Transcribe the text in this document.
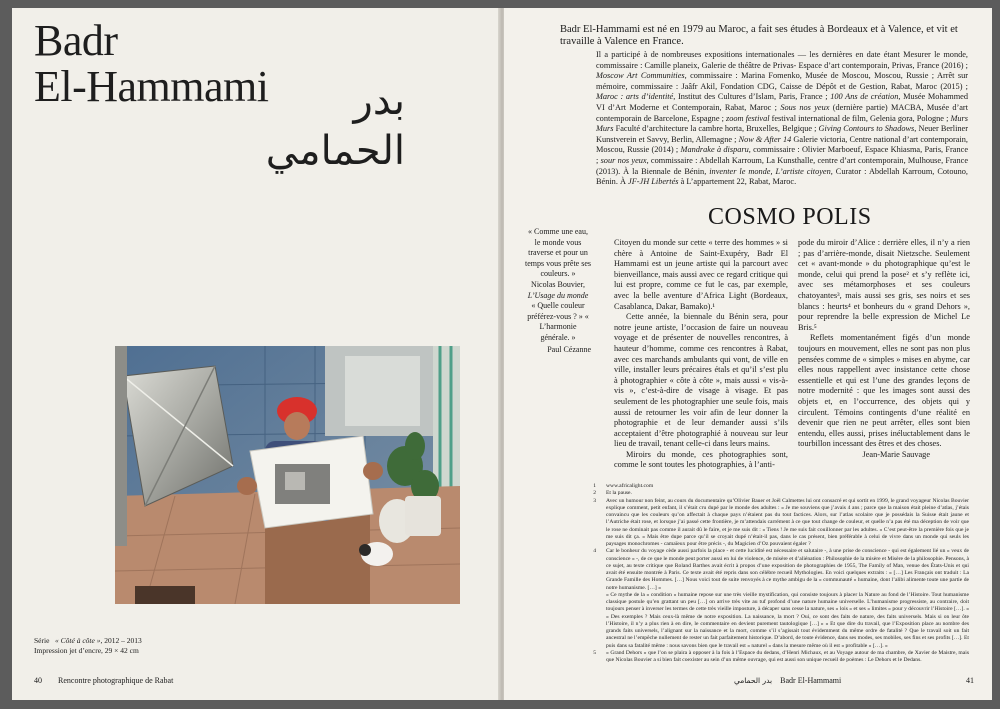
Badr
El-Hammami	بدر الحمامي
Série « Côté à côte », 2012 – 2013
Impression jet d’encre, 29 × 42 cm
40 Rencontre photographique de Rabat
Badr El-Hammami est né en 1979 au Maroc, a fait ses études à Bordeaux et à Valence, et vit et travaille à Valence en France.
Il a participé à de nombreuses expositions internationales — les dernières en date étant Mesurer le monde, commissaire : Camille planeix, Galerie de théâtre de Privas- Espace d’art contemporain, Privas, France (2016) ; Moscow Art Communities, commissaire : Marina Fomenko, Musée de Moscou, Moscou, Russie ; Arrêt sur mémoire, commissaire : Jaâfr Akil, Fondation CDG, Caisse de Dépôt et de Gestion, Rabat, Maroc (2015) ; Maroc : arts d’identité, Institut des Cultures d’Islam, Paris, France ; 100 Ans de création, Musée Mohammed VI d’Art Moderne et Contemporain, Rabat, Maroc ; Sous nos yeux (dernière partie) MACBA, Musée d’art contemporain de Barcelone, Espagne ; zoom festival festival international de film, Gelenia gora, Pologne ; Murs Murs Faculté d’architecture la cambre horta, Bruxelles, Belgique ; Giving Contours to Shadows, Neuer Berliner Kunstverein et Savvy, Berlin, Allemagne ; Now & After 14 Galerie victoria, Centre national d’art contemporain, Moscou, Russie (2014) ; Mandrake à disparu, commissaire : Olivier Marboeuf, Espace Khiasma, Paris, France ; sour nos yeux, commissaire : Abdellah Karroum, La Kunsthalle, centre d’art contemporain, Mulhouse, France (2013). À la Biennale de Bénin, inventer le monde, L’artiste citoyen, Curator : Abdellah Karroum, Cotouno, Bénin. À JF-JH Libertés à L’appartement 22, Rabat, Maroc.
COSMO POLIS

Citoyen du monde sur cette « terre des hommes » si chère à Antoine de Saint-Exupéry, Badr El Hammami est un jeune artiste qui la parcourt avec bienveillance, mais aussi avec ce regard critique qui lui est propre, comme ce fut le cas, par exemple, avec la belle aventure d’Africa Light (Bordeaux, Casablanca, Dakar, Bamako).¹

Cette année, la biennale du Bénin sera, pour notre jeune artiste, l’occasion de faire un nouveau voyage et de présenter de nouvelles rencontres, à hauteur d’homme, comme ces rencontres à Rabat, avec ces marchands ambulants qui vont, de ville en ville, installer leurs précaires étals et qu’il s’est plu à photographier « côte à côte », mais aussi « vis-à-vis », c’est-à-dire de visage à visage. Et pas seulement de les photographier une seule fois, mais aussi de retourner les voir afin de leur donner la photographie et de leur demander aussi s’ils acceptaient d’être photographié à nouveau sur leur lieu de travail, tenant celle-ci dans leurs mains.

Miroirs du monde, ces photographies sont, comme le sont toutes les photographies, à l’anti-

pode du miroir d’Alice : derrière elles, il n’y a rien ; pas d’arrière-monde, disait Nietzsche. Seulement cet « avant-monde » du photographique qu’est le monde, celui qui prend la pose² et s’y reflète ici, avec ses métamorphoses et ses couleurs chatoyantes³, mais aussi ses gris, ses noirs et ses blancs : heurts⁴ et bonheurs du « grand Dehors », pour reprendre la belle expression de Michel Le Bris.⁵

Reflets momentanément figés d’un monde toujours en mouvement, elles ne sont pas non plus pensées comme de « simples » mises en abyme, car elles nous rappellent avec insistance cette chose essentielle et qui est l’une des grandes leçons de notre modernité : que les images sont aussi des objets et, en l’occurrence, des objets qui y circulent. Témoins contingents d’une réalité en devenir que rien ne peut arrêter, elles sont bien entendu, elles aussi, prises inéluctablement dans le tourbillon incessant des êtres et des choses.

Jean-Marie Sauvage

1 www.africalight.com
2 Et la pause.
3 Avec un humour non feint, au cours du documentaire qu’Olivier Bauer et Joël Calmettes lui ont consacré et qui sortit en 1999, le grand voyageur Nicolas Bouvier explique comment, petit enfant, il s’était cru dupé par le monde des adultes : « Je me souviens que j’avais 4 ans ; parce que la maison était pleine d’atlas, j’étais convaincu que les couleurs qu’on affectait à chaque pays n’étaient pas du tout factices. Alors, sur l’atlas scolaire que je possédais la Suisse était jaune et l’Autriche était rose, et lorsque j’ai passé cette frontière, je m’attendais carrément à ce que tout change de couleur, et quelle n’a pas été ma déception de voir que le rose ne dominait pas comme il aurait dû le faire, et je me suis dit : « Tiens ! Je me suis fait couillonner par les adultes. » C’est peut-être la première fois que je me suis dit ça. » Mais être dupe parce qu’il se croyait dupé n’était-il pas, dans le cas présent, bien préférable à celui de vivre dans un monde qui seuls les paysages monochromes - camaïeux pour être précis -, du Magicien d’Oz pouvaient égaler ?
4 Car le bonheur du voyage cède aussi parfois la place - et cette lucidité est nécessaire et salutaire -, à une prise de conscience - qui est également lié un « veux de conscience » -, de ce que le monde peut porter aussi en lui de violence, de misère et d’aliénation : Philosophie de la misère et Misère de la philosophie. Pensons, à ce sujet, au texte critique que Roland Barthes avait écrit à propos d’une exposition de photographies de 1955, The Family of Man, venue des États-Unis et qui avait été ensuite montrée à Paris. Ce texte avait été repris dans son célèbre recueil Mythologies. En voici quelques extraits : « […] Les Français ont traduit : La Grande Famille des Hommes. […] Nous voici tout de suite renvoyés à ce mythe ambigu de la « communauté » humaine, dont l’alibi alimente toute une partie de notre humanisme. […] »
« Ce mythe de la « condition » humaine repose sur une très vieille mystification, qui consiste toujours à placer la Nature au fond de l’Histoire. Tout humanisme classique postule qu’en grattant un peu […] on arrive très vite au tuf profond d’une nature humaine universelle. L’humanisme progressiste, au contraire, doit toujours penser à inverser les termes de cette très vieille imposture, à décaper sans cesse la nature, ses « lois » et ses « limites » pour y découvrir l’Histoire […]. » « Des exemples ? Mais ceux-là même de notre exposition. La naissance, la mort ? Oui, ce sont des faits de nature, des faits universels. Mais si on leur ôte l’Histoire, il n’y a plus rien à en dire, le commentaire en devient purement tautologique […] » « Et que dire du travail, que l’Exposition place au nombre des grands faits universels, l’alignant sur la naissance et la mort, comme s’il s’agissait tout évidemment du même ordre de fatalité ? Que le travail soit un fait ancestral ne l’empêche nullement de rester un fait parfaitement historique. D’abord, de toute évidence, dans ses modes, ses mobiles, ses fins et ses profits […]. Et puis dans sa fatalité même : nous savons bien que le travail est « naturel » dans la mesure même où il est « profitable » […]. »
5 « Grand Dehors » que l’on se plaira à opposer à la fois à l’Espace du dedans, d’Henri Michaux, et au Voyage autour de ma chambre, de Xavier de Maistre, mais que Nicolas Bouvier a si bien fait coexister au sein d’un même ouvrage, qui est aussi son unique recueil de poèmes : Le Dehors et le Dedans.
بدر الحمامي Badr El-Hammami	41

« Comme une eau, le monde vous traverse et pour un temps vous prête ses couleurs. »

Nicolas Bouvier,

L’Usage du monde

« Quelle couleur préférez-vous ? » « L’harmonie générale. »

Paul Cézanne
